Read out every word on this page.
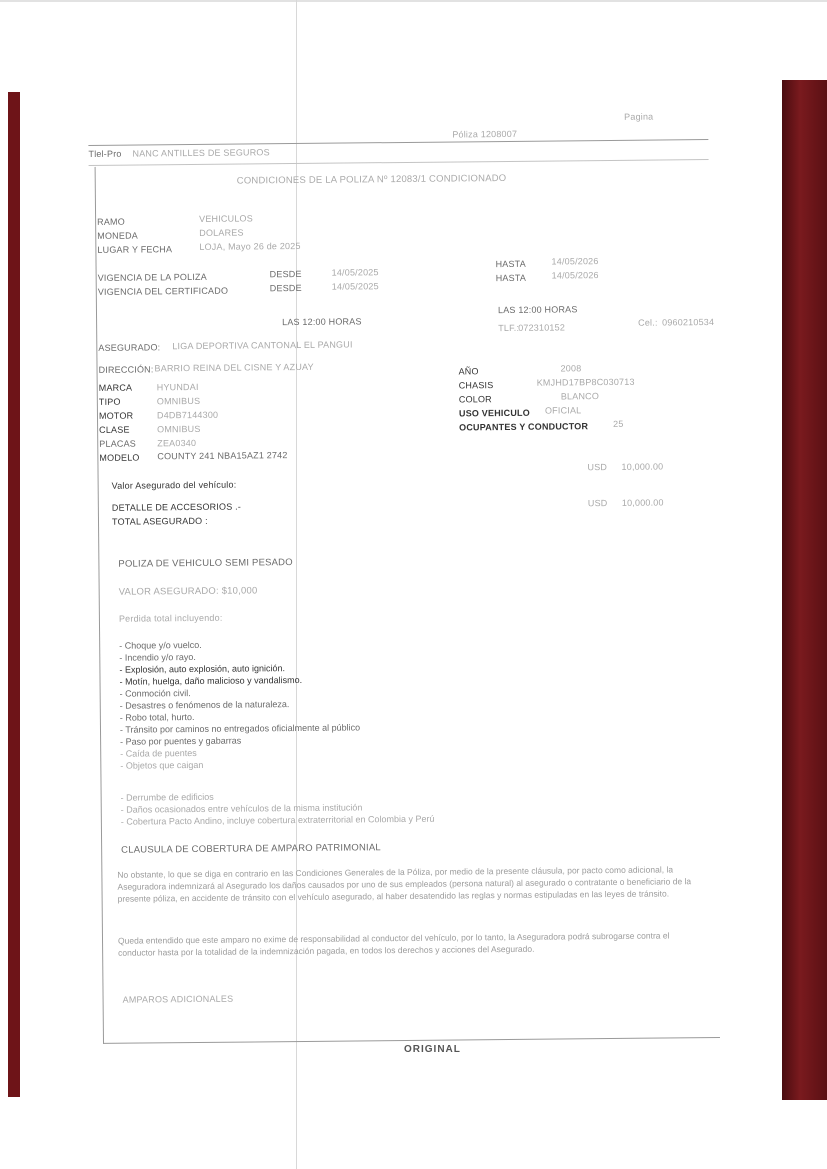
Tlel-Pro NANC ANTILLES DE SEGUROS
Póliza 1208007
Pagina
CONDICIONES DE LA POLIZA Nº 12083/1 CONDICIONADO
RAMO	VEHICULOS
MONEDA	DOLARES
LUGAR Y FECHA	LOJA, Mayo 26 de 2025
VIGENCIA DE LA POLIZA	DESDE	14/05/2025
VIGENCIA DEL CERTIFICADO	DESDE	14/05/2025
HASTA	14/05/2026
HASTA	14/05/2026
LAS 12:00 HORAS
LAS 12:00 HORAS
ASEGURADO: LIGA DEPORTIVA CANTONAL EL PANGUI
TLF.:
072310152	Cel.: 0960210534
DIRECCIÓN: BARRIO REINA DEL CISNE Y AZUAY
MARCA	HYUNDAI
TIPO	OMNIBUS
MOTOR	D4DB7144300
CLASE	OMNIBUS
PLACAS ZEA0340
MODELO COUNTY 241 NBA15AZ1 2742
AÑO	2008
CHASIS	KMJHD17BP8C030713
COLOR	BLANCO
USO VEHICULO OFICIAL
OCUPANTES Y CONDUCTOR	25
Valor Asegurado del vehículo:
USD 10,000.00
DETALLE DE ACCESORIOS .-
TOTAL ASEGURADO :
USD 10,000.00
POLIZA DE VEHICULO SEMI PESADO
VALOR ASEGURADO: $10,000
Perdida total incluyendo:
- Choque y/o vuelco.
- Incendio y/o rayo.
- Explosión, auto explosión, auto ignición.
- Motín, huelga, daño malicioso y vandalismo.
- Conmoción civil.
- Desastres o fenómenos de la naturaleza.
- Robo total, hurto.
- Tránsito por caminos no entregados oficialmente al público
- Paso por puentes y gabarras
- Caída de puentes
- Objetos que caigan
- Derrumbe de edificios
- Daños ocasionados entre vehículos de la misma institución
- Cobertura Pacto Andino, incluye cobertura extraterritorial en Colombia y Perú
CLAUSULA DE COBERTURA DE AMPARO PATRIMONIAL
No obstante, lo que se diga en contrario en las Condiciones Generales de la Póliza, por medio de la presente cláusula, por pacto como adicional, la Aseguradora indemnizará al Asegurado los daños causados por uno de sus empleados (persona natural) al asegurado o contratante o beneficiario de la presente póliza, en accidente de tránsito con el vehículo asegurado, al haber desatendido las reglas y normas estipuladas en las leyes de tránsito.
Queda entendido que este amparo no exime de responsabilidad al conductor del vehículo, por lo tanto, la Aseguradora podrá subrogarse contra el conductor hasta por la totalidad de la indemnización pagada, en todos los derechos y acciones del Asegurado.
AMPAROS ADICIONALES
ORIGINAL
